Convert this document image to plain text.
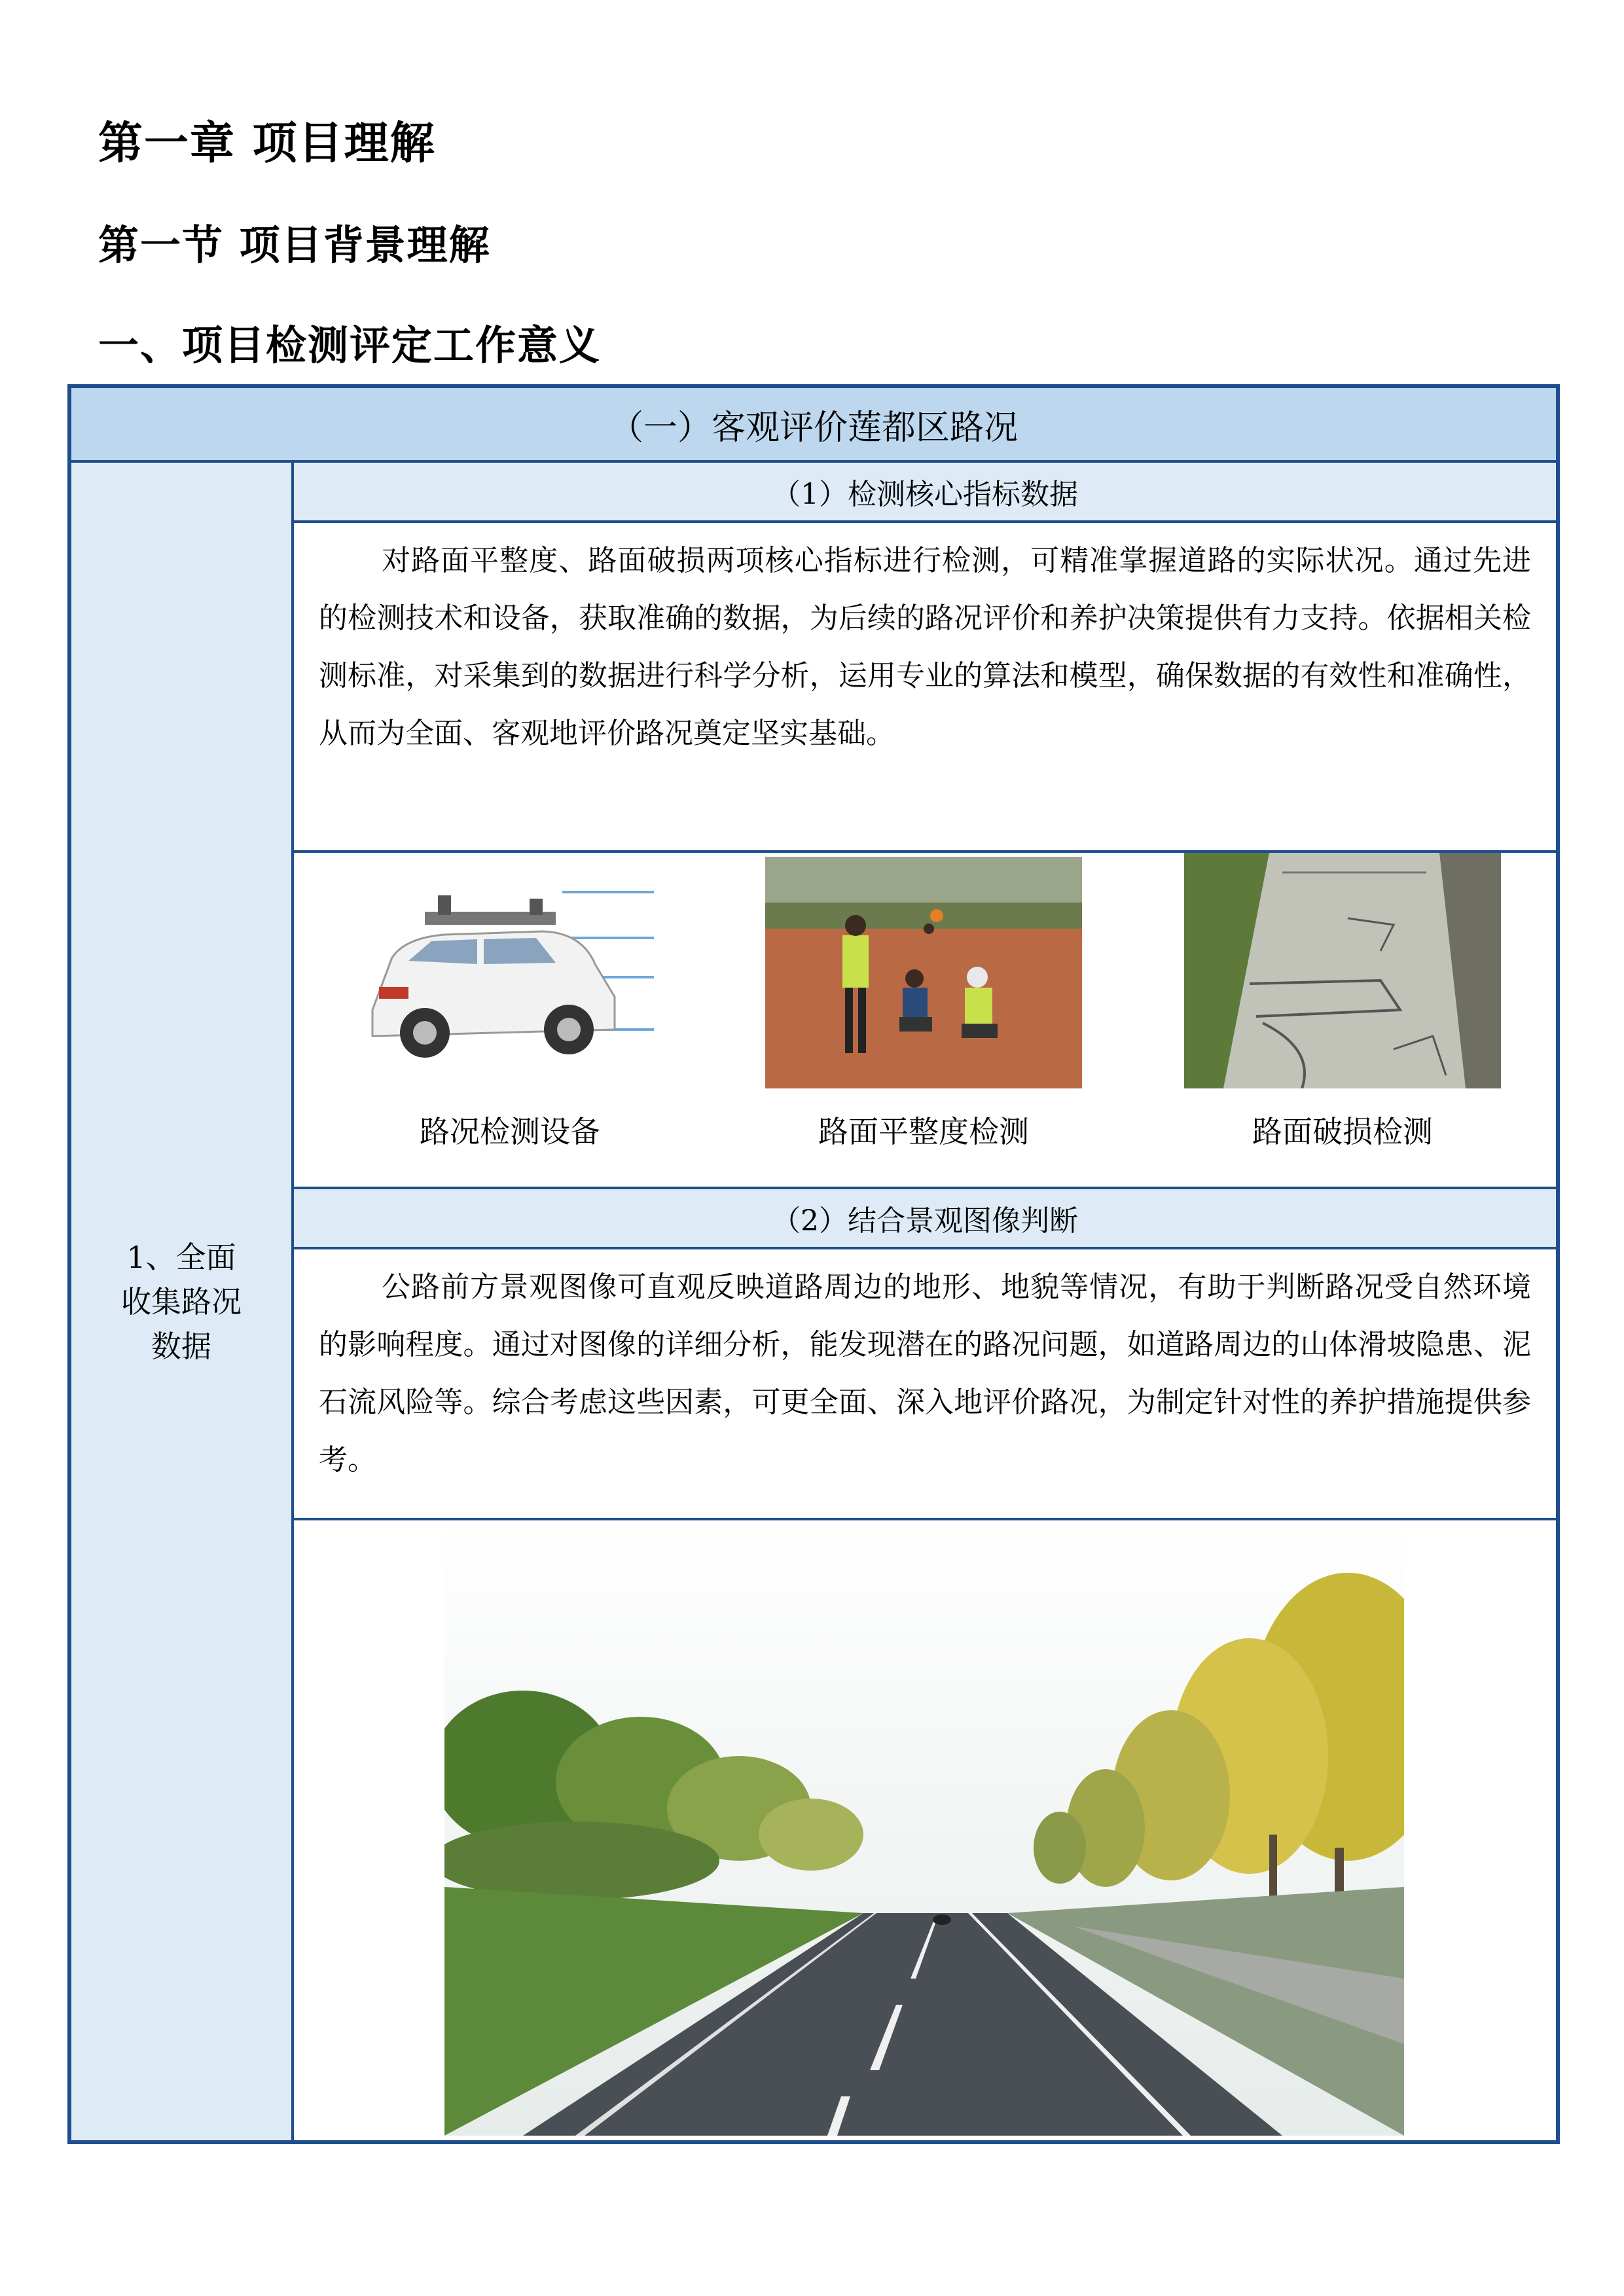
第一章 项目理解
第一节 项目背景理解
一、项目检测评定工作意义
（一）客观评价莲都区路况
1、全面收集路况数据
（1）检测核心指标数据
对路面平整度、路面破损两项核心指标进行检测，可精准掌握道路的实际状况。通过先进的检测技术和设备，获取准确的数据，为后续的路况评价和养护决策提供有力支持。依据相关检测标准，对采集到的数据进行科学分析，运用专业的算法和模型，确保数据的有效性和准确性，从而为全面、客观地评价路况奠定坚实基础。
路况检测设备	路面平整度检测	路面破损检测
（2）结合景观图像判断
公路前方景观图像可直观反映道路周边的地形、地貌等情况，有助于判断路况受自然环境的影响程度。通过对图像的详细分析，能发现潜在的路况问题，如道路周边的山体滑坡隐患、泥石流风险等。综合考虑这些因素，可更全面、深入地评价路况，为制定针对性的养护措施提供参考。
